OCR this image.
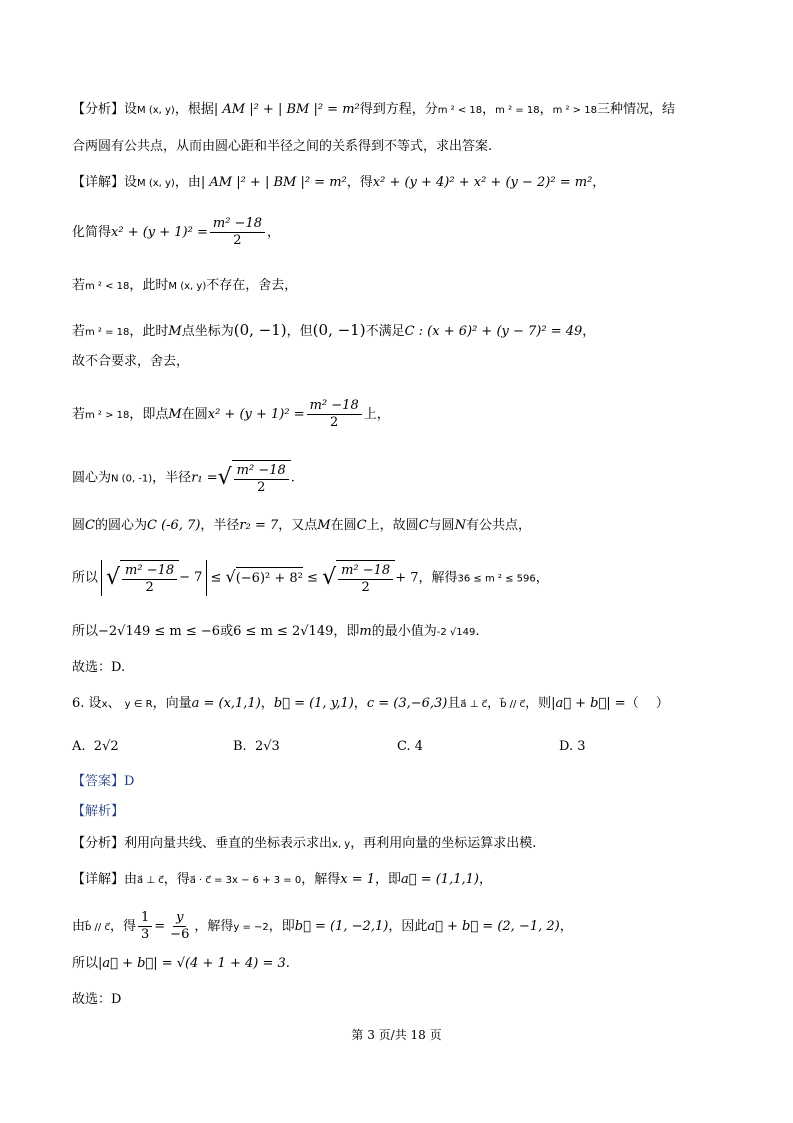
【分析】设M (x, y)，根据| AM |² + | BM |² = m²得到方程，分m ² < 18，m ² = 18，m ² > 18三种情况，结
合两圆有公共点，从而由圆心距和半径之间的关系得到不等式，求出答案.
【详解】设M (x, y)，由| AM |² + | BM |² = m²，得x² + (y + 4)² + x² + (y − 2)² = m²，
化简得$x^2 + (y + 1)^2 = \frac{\text{m² −18}}{2}$ ，
若m ² < 18，此时M (x, y)不存在，舍去，
若m ² = 18，此时M点坐标为(0, −1)，但(0, −1)不满足C : (x + 6)² + (y − 7)² = 49，
故不合要求，舍去，
若m ² > 18，即点M在圆$x^2 + (y + 1)^2 = \frac{\text{m² −18}}{2}$ 上，
圆心为N (0, -1)，半径r₁ = √ $\frac{\text{m² −18}}{2}$ .
圆C的圆心为C (-6, 7)，半径r₂ = 7，又点M在圆C上，故圆C与圆N有公共点，
所以 √ $\frac{\text{m² −18}}{2} - 7$ ≤ √ (−6)² + 8² ≤ √ $\frac{\text{m² −18}}{2} + 7$，解得36 ≤ m ² ≤ 596，
所以−2√149 ≤ m ≤ −6或6 ≤ m ≤ 2√149，即m的最小值为-2 √149.
故选：D.
6. 设x、 y ∈ R，向量a = (x,1,1)，b⃗ = (1, y,1)，c = (3,−6,3)且a⃗ ⊥ c⃗，b⃗ // c⃗，则|a⃗ + b⃗| =（　 ）
A. 2√2	B. 2√3	C. 4	D. 3
【答案】D
【解析】
【分析】利用向量共线、垂直的坐标表示求出x, y，再利用向量的坐标运算求出模.
【详解】由a⃗ ⊥ c⃗，得a⃗ · c⃗ = 3x − 6 + 3 = 0，解得x = 1，即a⃗ = (1,1,1)，
由b⃗ // c⃗，得 $\frac{1}{3} = \frac{y}{-6}$ ，解得y = −2，即b⃗ = (1, −2,1)，因此a⃗ + b⃗ = (2, −1, 2)，
所以|a⃗ + b⃗| = √(4 + 1 + 4) = 3.
故选：D
第 3 页/共 18 页
